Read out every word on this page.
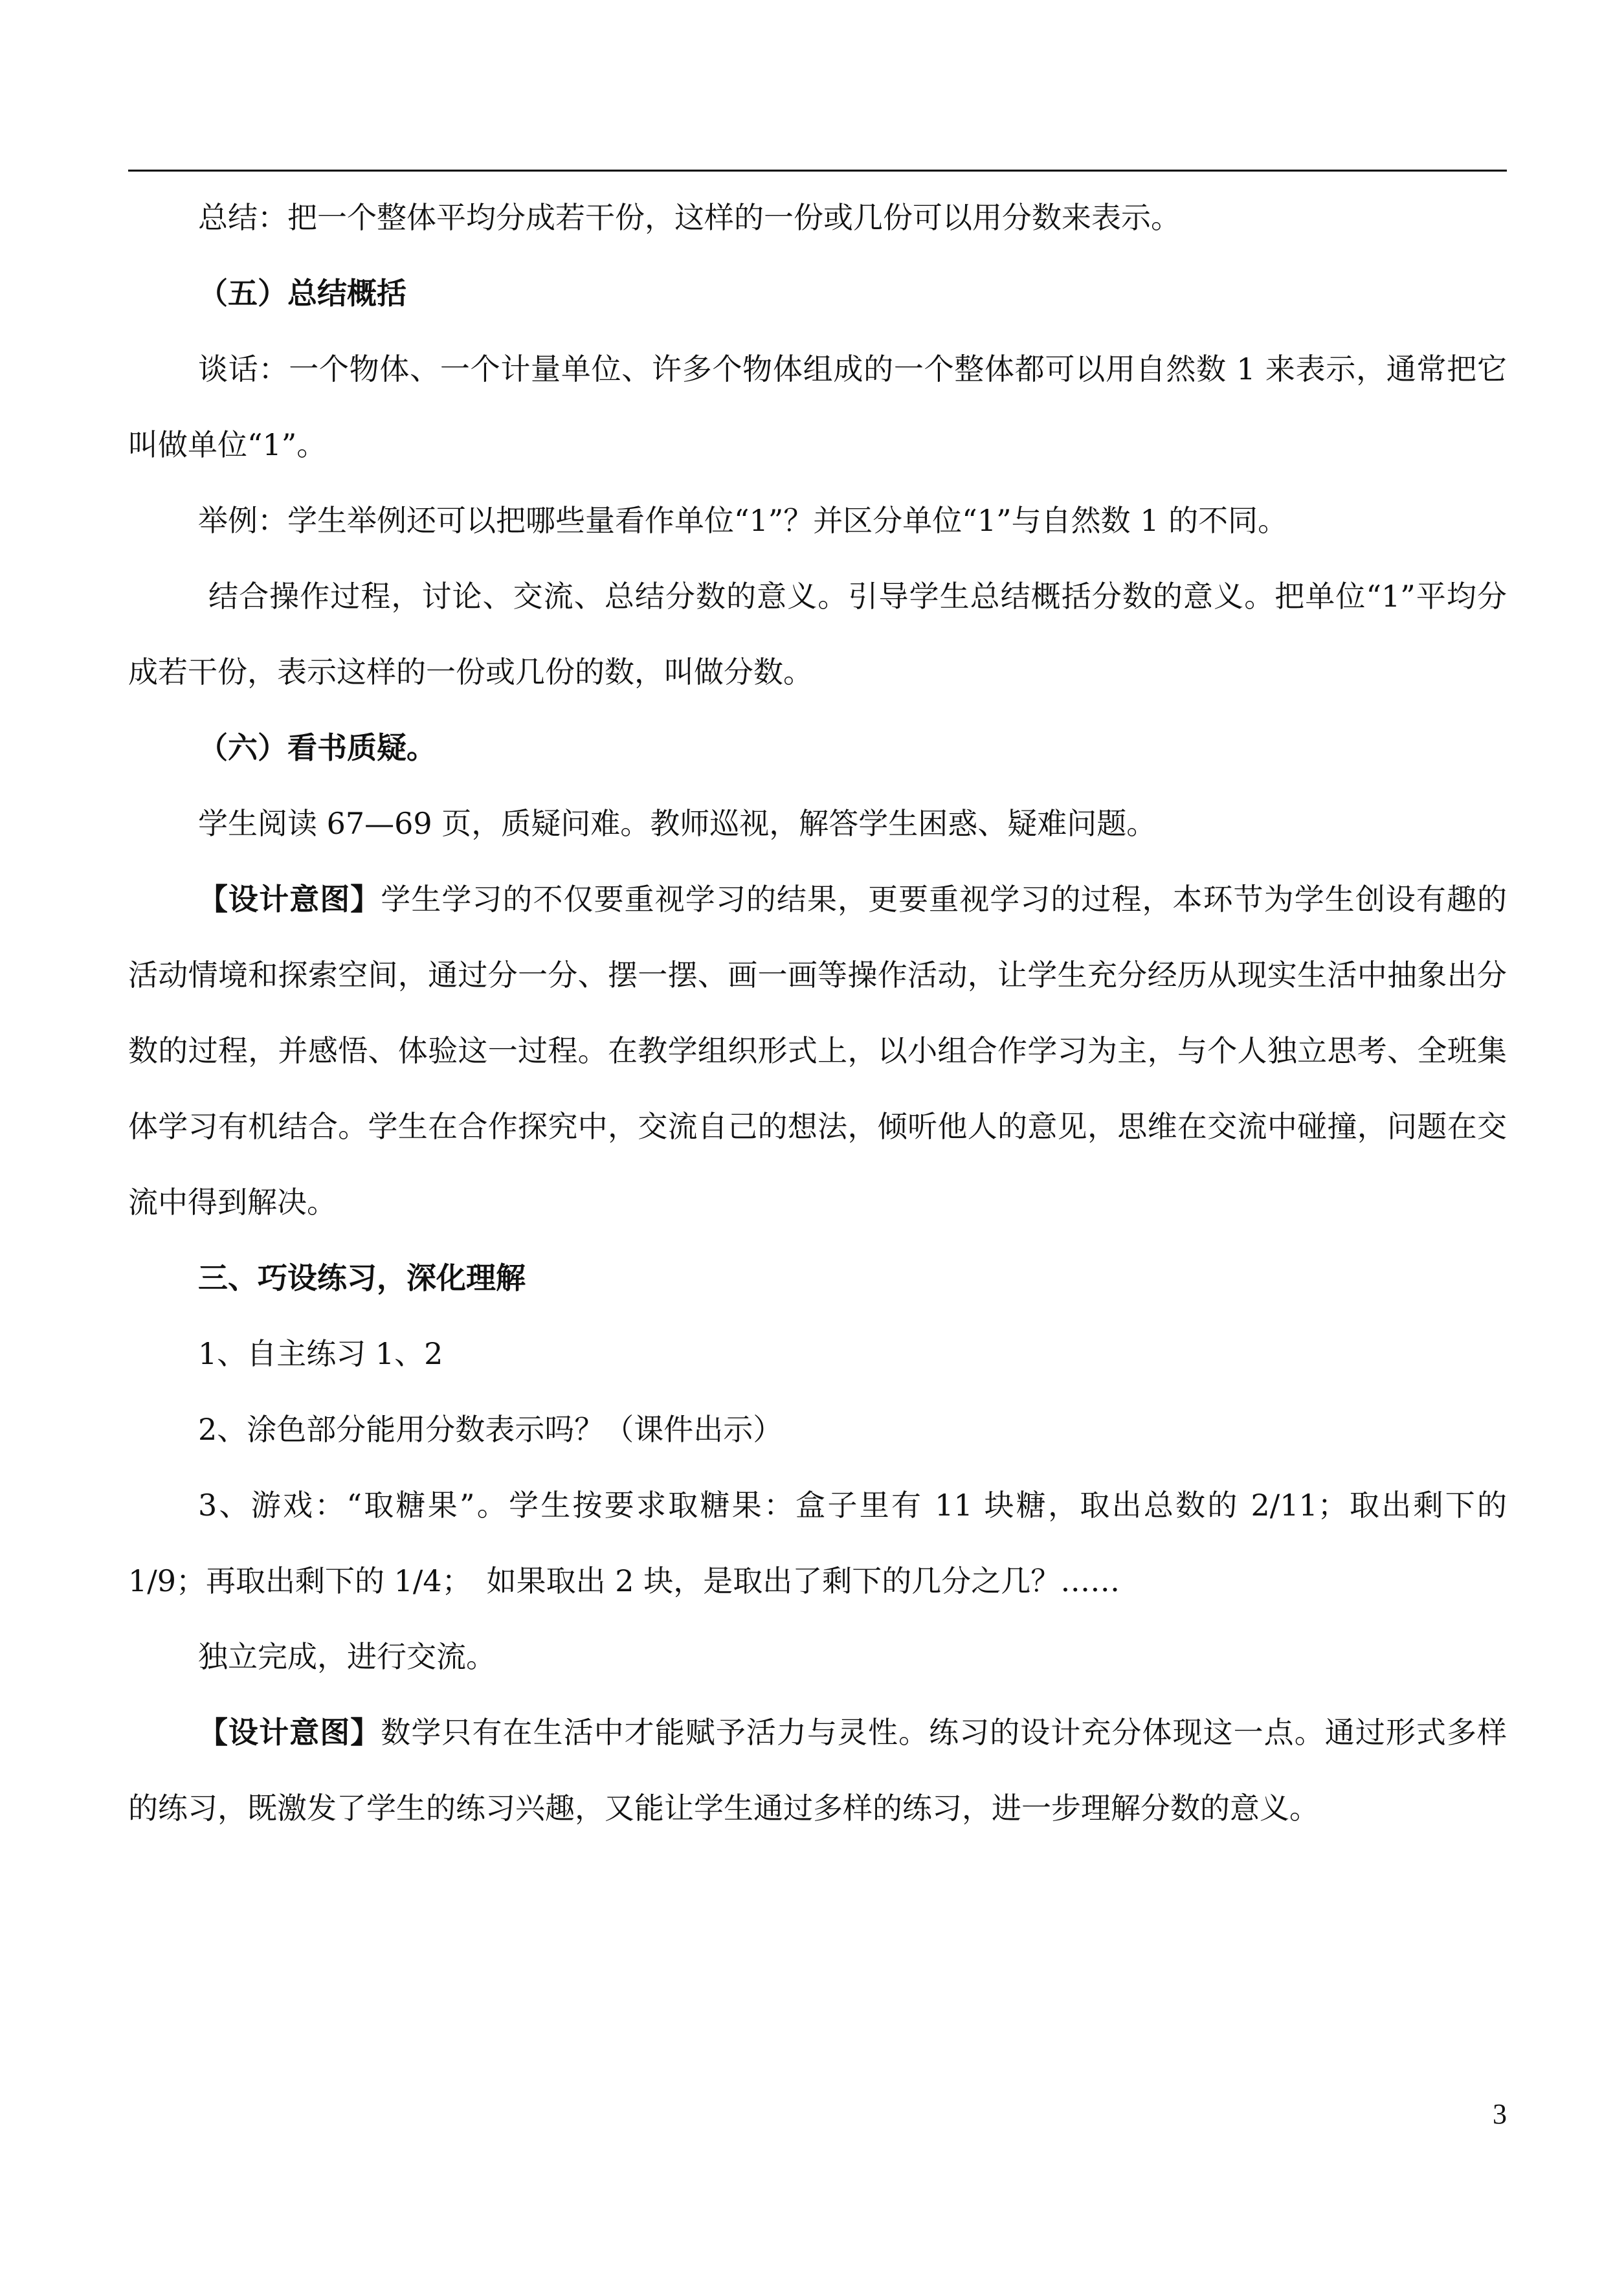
总结：把一个整体平均分成若干份，这样的一份或几份可以用分数来表示。

（五）总结概括

谈话：一个物体、一个计量单位、许多个物体组成的一个整体都可以用自然数 1 来表示，通常把它叫做单位“1”。

举例：学生举例还可以把哪些量看作单位“1”？并区分单位“1”与自然数 1 的不同。

结合操作过程，讨论、交流、总结分数的意义。引导学生总结概括分数的意义。把单位“1”平均分成若干份，表示这样的一份或几份的数，叫做分数。

（六）看书质疑。

学生阅读 67—69 页，质疑问难。教师巡视，解答学生困惑、疑难问题。

【设计意图】学生学习的不仅要重视学习的结果，更要重视学习的过程，本环节为学生创设有趣的活动情境和探索空间，通过分一分、摆一摆、画一画等操作活动，让学生充分经历从现实生活中抽象出分数的过程，并感悟、体验这一过程。在教学组织形式上，以小组合作学习为主，与个人独立思考、全班集体学习有机结合。学生在合作探究中，交流自己的想法，倾听他人的意见，思维在交流中碰撞，问题在交流中得到解决。

三、巧设练习，深化理解

1、自主练习 1、2

2、涂色部分能用分数表示吗？（课件出示）

3、游戏：“取糖果”。学生按要求取糖果：盒子里有 11 块糖，取出总数的 2/11；取出剩下的 1/9；再取出剩下的 1/4；　如果取出 2 块，是取出了剩下的几分之几？……

独立完成，进行交流。

【设计意图】数学只有在生活中才能赋予活力与灵性。练习的设计充分体现这一点。通过形式多样的练习，既激发了学生的练习兴趣，又能让学生通过多样的练习，进一步理解分数的意义。

3
